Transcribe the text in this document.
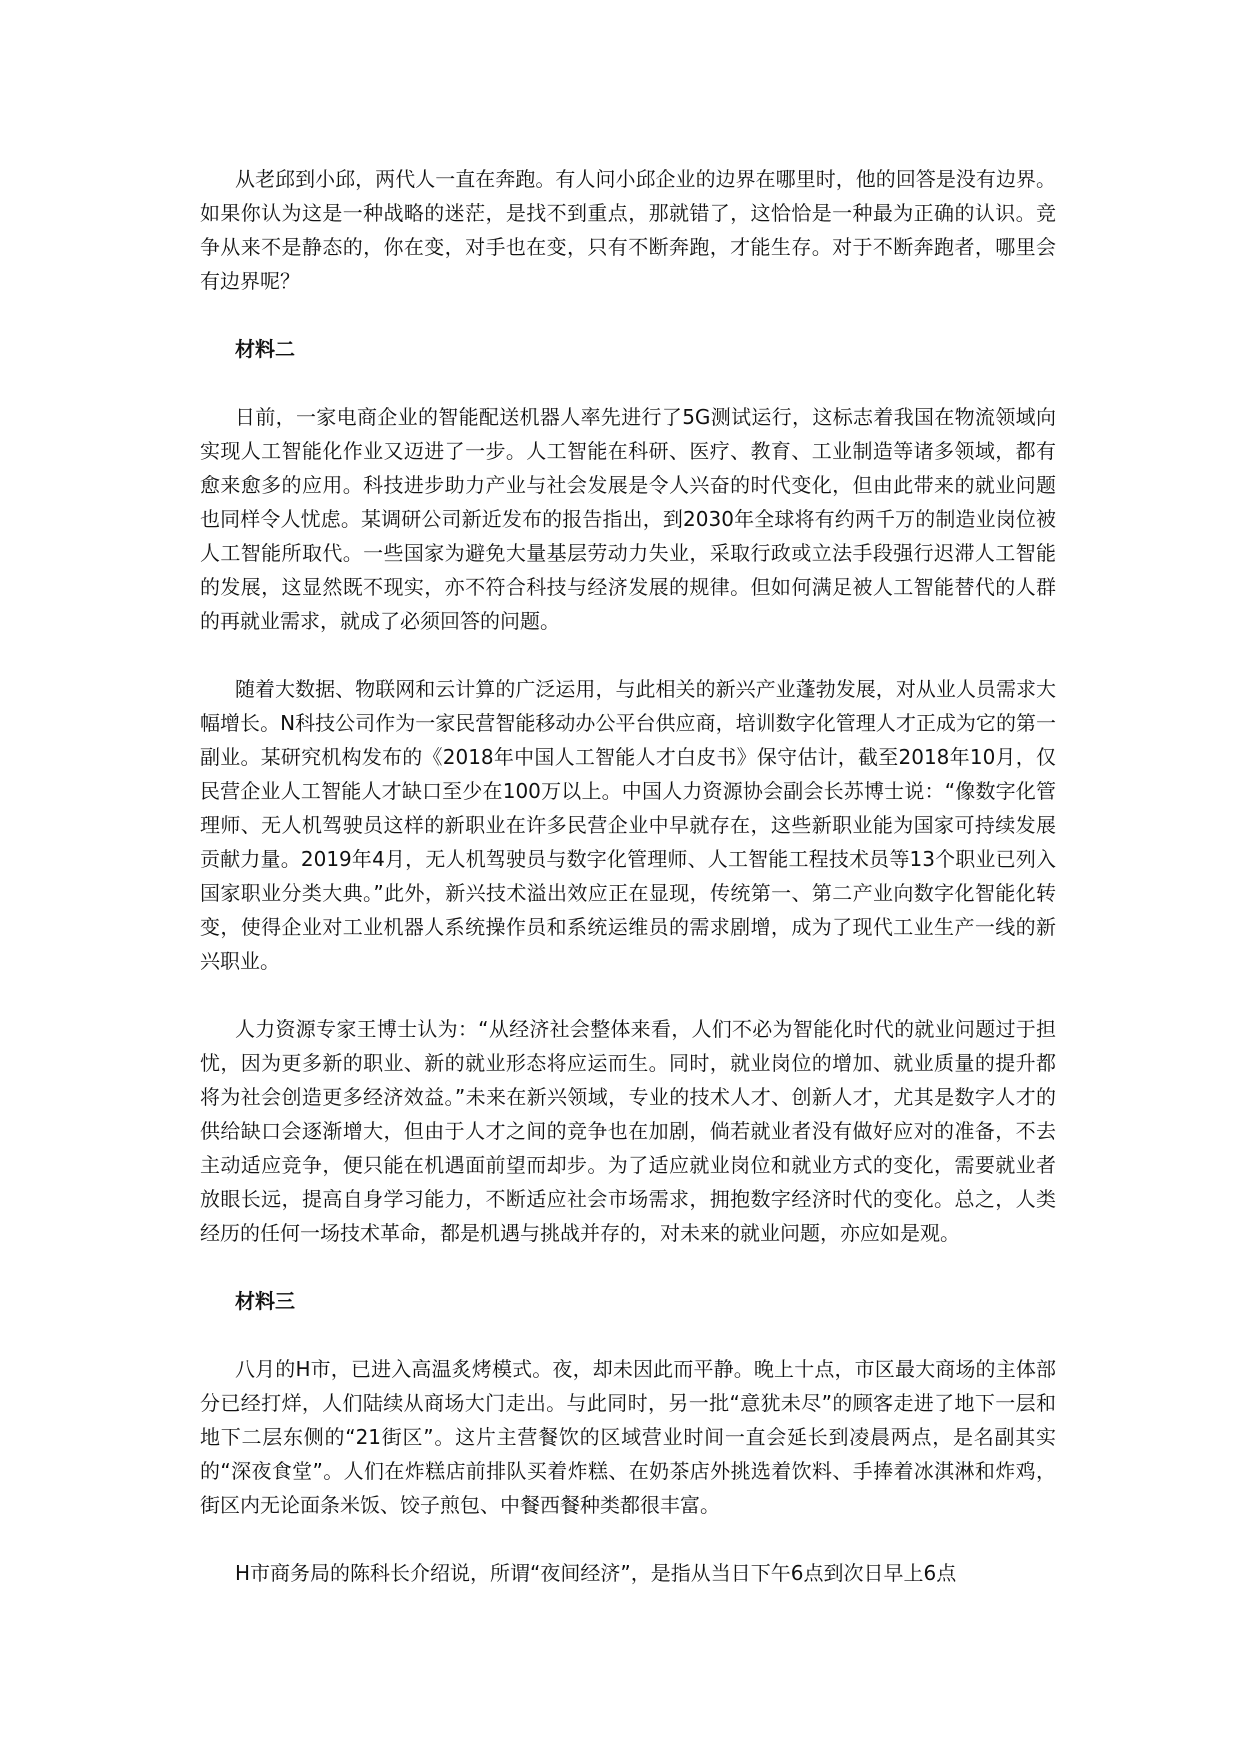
从老邱到小邱，两代人一直在奔跑。有人问小邱企业的边界在哪里时，他的回答是没有边界。如果你认为这是一种战略的迷茫，是找不到重点，那就错了，这恰恰是一种最为正确的认识。竞争从来不是静态的，你在变，对手也在变，只有不断奔跑，才能生存。对于不断奔跑者，哪里会有边界呢？

材料二

日前，一家电商企业的智能配送机器人率先进行了5G测试运行，这标志着我国在物流领域向实现人工智能化作业又迈进了一步。人工智能在科研、医疗、教育、工业制造等诸多领域，都有愈来愈多的应用。科技进步助力产业与社会发展是令人兴奋的时代变化，但由此带来的就业问题也同样令人忧虑。某调研公司新近发布的报告指出，到2030年全球将有约两千万的制造业岗位被人工智能所取代。一些国家为避免大量基层劳动力失业，采取行政或立法手段强行迟滞人工智能的发展，这显然既不现实，亦不符合科技与经济发展的规律。但如何满足被人工智能替代的人群的再就业需求，就成了必须回答的问题。

随着大数据、物联网和云计算的广泛运用，与此相关的新兴产业蓬勃发展，对从业人员需求大幅增长。N科技公司作为一家民营智能移动办公平台供应商，培训数字化管理人才正成为它的第一副业。某研究机构发布的《2018年中国人工智能人才白皮书》保守估计，截至2018年10月，仅民营企业人工智能人才缺口至少在100万以上。中国人力资源协会副会长苏博士说：“像数字化管理师、无人机驾驶员这样的新职业在许多民营企业中早就存在，这些新职业能为国家可持续发展贡献力量。2019年4月，无人机驾驶员与数字化管理师、人工智能工程技术员等13个职业已列入国家职业分类大典。”此外，新兴技术溢出效应正在显现，传统第一、第二产业向数字化智能化转变，使得企业对工业机器人系统操作员和系统运维员的需求剧增，成为了现代工业生产一线的新兴职业。

人力资源专家王博士认为：“从经济社会整体来看，人们不必为智能化时代的就业问题过于担忧，因为更多新的职业、新的就业形态将应运而生。同时，就业岗位的增加、就业质量的提升都将为社会创造更多经济效益。”未来在新兴领域，专业的技术人才、创新人才，尤其是数字人才的供给缺口会逐渐增大，但由于人才之间的竞争也在加剧，倘若就业者没有做好应对的准备，不去主动适应竞争，便只能在机遇面前望而却步。为了适应就业岗位和就业方式的变化，需要就业者放眼长远，提高自身学习能力，不断适应社会市场需求，拥抱数字经济时代的变化。总之，人类经历的任何一场技术革命，都是机遇与挑战并存的，对未来的就业问题，亦应如是观。

材料三

八月的H市，已进入高温炙烤模式。夜，却未因此而平静。晚上十点，市区最大商场的主体部分已经打烊，人们陆续从商场大门走出。与此同时，另一批“意犹未尽”的顾客走进了地下一层和地下二层东侧的“21街区”。这片主营餐饮的区域营业时间一直会延长到凌晨两点，是名副其实的“深夜食堂”。人们在炸糕店前排队买着炸糕、在奶茶店外挑选着饮料、手捧着冰淇淋和炸鸡，街区内无论面条米饭、饺子煎包、中餐西餐种类都很丰富。

H市商务局的陈科长介绍说，所谓“夜间经济”，是指从当日下午6点到次日早上6点
